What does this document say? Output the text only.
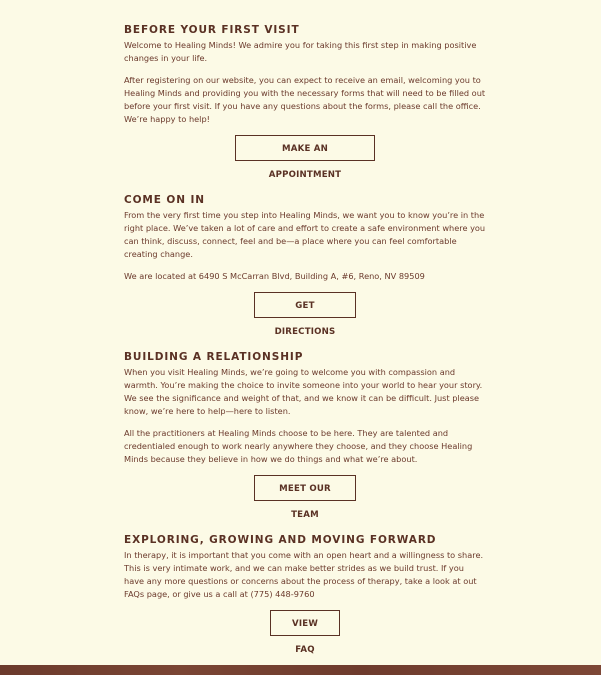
BEFORE YOUR FIRST VISIT

Welcome to Healing Minds! We admire you for taking this first step in making positive changes in your life.

After registering on our website, you can expect to receive an email, welcoming you to Healing Minds and providing you with the necessary forms that will need to be filled out before your first visit. If you have any questions about the forms, please call the office. We’re happy to help!

MAKE AN APPOINTMENT
COME ON IN

From the very first time you step into Healing Minds, we want you to know you’re in the right place. We’ve taken a lot of care and effort to create a safe environment where you can think, discuss, connect, feel and be—a place where you can feel comfortable creating change.

We are located at 6490 S McCarran Blvd, Building A, #6, Reno, NV 89509

GET DIRECTIONS
BUILDING A RELATIONSHIP

When you visit Healing Minds, we’re going to welcome you with compassion and warmth. You’re making the choice to invite someone into your world to hear your story. We see the significance and weight of that, and we know it can be difficult. Just please know, we’re here to help—here to listen.

All the practitioners at Healing Minds choose to be here. They are talented and credentialed enough to work nearly anywhere they choose, and they choose Healing Minds because they believe in how we do things and what we’re about.

MEET OUR TEAM
EXPLORING, GROWING AND MOVING FORWARD

In therapy, it is important that you come with an open heart and a willingness to share. This is very intimate work, and we can make better strides as we build trust. If you have any more questions or concerns about the process of therapy, take a look at out FAQs page, or give us a call at (775) 448-9760

VIEW FAQ
